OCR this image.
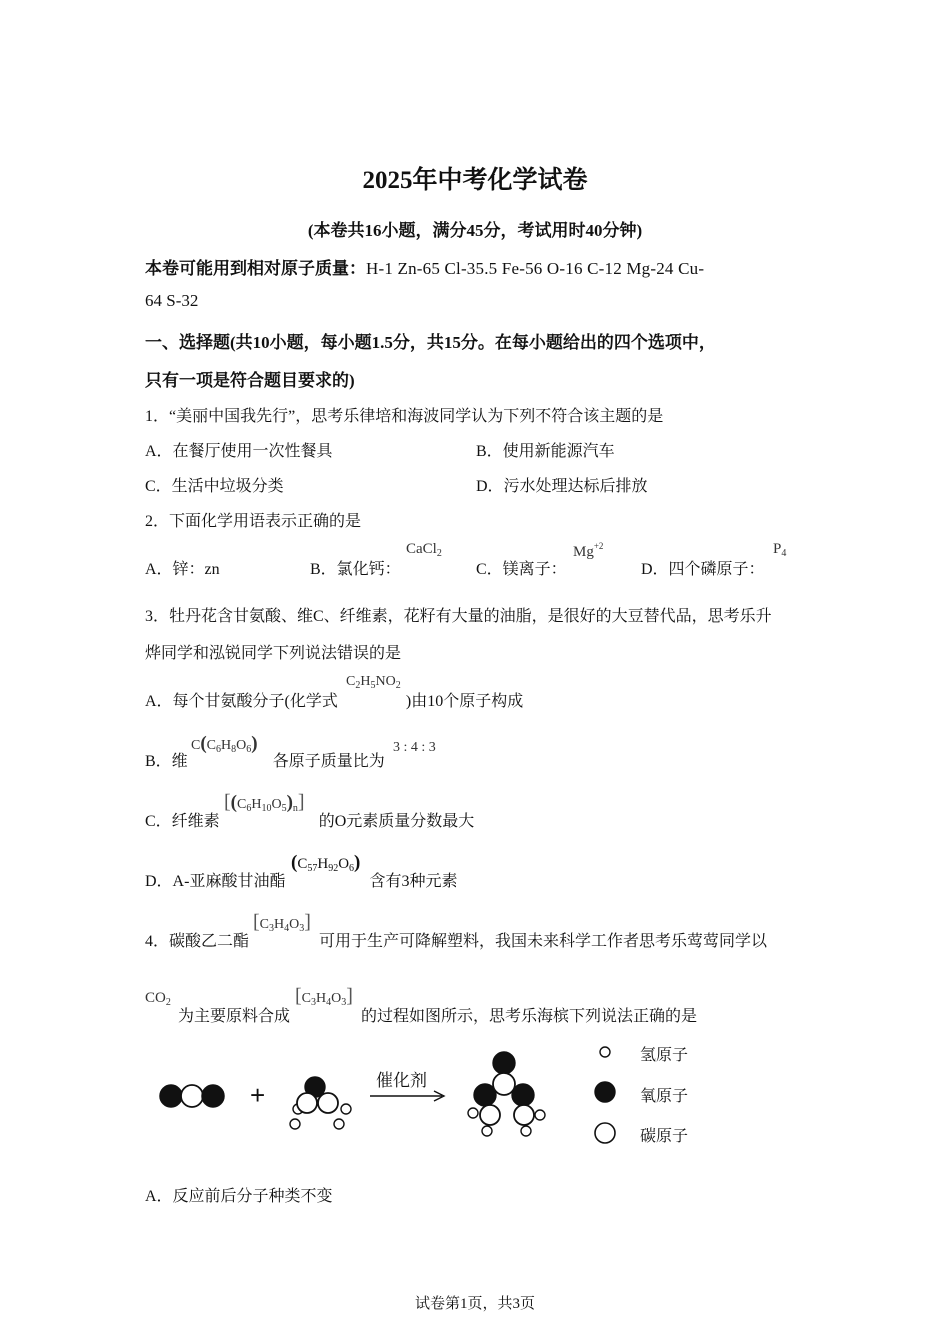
2025年中考化学试卷
(本卷共16小题，满分45分，考试用时40分钟)
本卷可能用到相对原子质量：H-1 Zn-65 Cl-35.5 Fe-56 O-16 C-12 Mg-24 Cu-
64 S-32
一、选择题(共10小题，每小题1.5分，共15分。在每小题给出的四个选项中，
只有一项是符合题目要求的)
1．“美丽中国我先行”，思考乐律培和海波同学认为下列不符合该主题的是
A．在餐厅使用一次性餐具	B．使用新能源汽车
C．生活中垃圾分类	D．污水处理达标后排放
2．下面化学用语表示正确的是
A．锌：zn	B．氯化钙：
CaCl$_2$
C．镁离子：
$Mg^{+2}$
D．四个磷原子：
$P_4$
3．牡丹花含甘氨酸、维C、纤维素，花籽有大量的油脂，是很好的大豆替代品，思考乐升
烨同学和泓锐同学下列说法错误的是
A．每个甘氨酸分子(化学式	)由10个原子构成
$C_2H_5NO_2$
B．维	各原子质量比为
$C(C_6H_8O_6)$	3 : 4 : 3
C．纤维素	的O元素质量分数最大
$[(C_6H_{10}O_5)_n]$
D．A-亚麻酸甘油酯	含有3种元素
$(C_{57}H_{92}O_6)$
4．碳酸乙二酯	可用于生产可降解塑料，我国未来科学工作者思考乐莺莺同学以
$[C_3H_4O_3]$
$CO_2$
为主要原料合成	的过程如图所示，思考乐海槟下列说法正确的是
$[C_3H_4O_3]$
+	催化剂
氢原子
氧原子
碳原子
A．反应前后分子种类不变
试卷第1页，共3页
